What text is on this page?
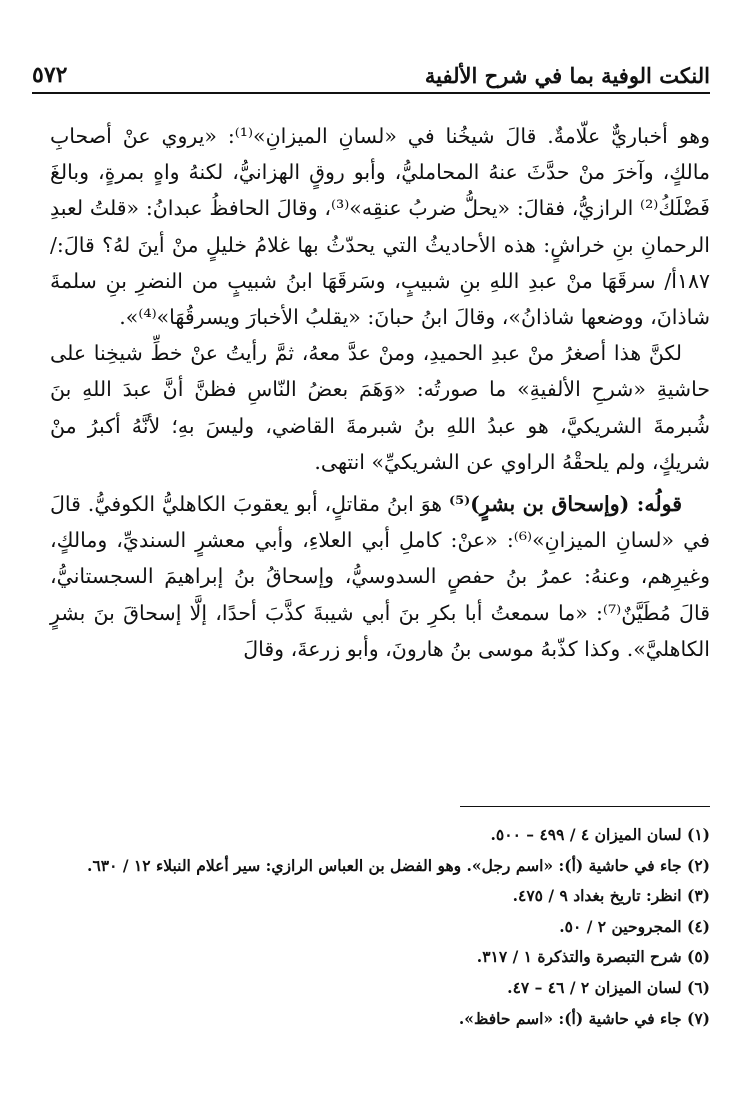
النكت الوفية بما في شرح الألفية
٥٧٢

وهو أخباريٌّ علّامةٌ. قالَ شيخُنا في «لسانِ الميزانِ»⁽¹⁾: «يروي عنْ أصحابِ مالكٍ، وآخرَ منْ حدَّثَ عنهُ المحامليُّ، وأبو روقٍ الهزانيُّ، لكنهُ واهٍ بمرةٍ، وبالغَ فَضْلَكُ⁽²⁾ الرازيُّ، فقالَ: «يحلُّ ضربُ عنقِه»⁽³⁾، وقالَ الحافظُ عبدانُ: «قلتُ لعبدِ الرحمانِ بنِ خراشٍ: هذه الأحاديثُ التي يحدّثُ بها غلامُ خليلٍ منْ أينَ لهُ؟ قالَ:/١٨٧أ/ سرقَهَا منْ عبدِ اللهِ بنِ شبيبٍ، وسَرقَهَا ابنُ شبيبٍ من النضرِ بنِ سلمةَ شاذانَ، ووضعها شاذانُ»، وقالَ ابنُ حبانَ: «يقلبُ الأخبارَ ويسرقُهَا»⁽⁴⁾».

لكنَّ هذا أصغرُ منْ عبدِ الحميدِ، ومنْ عدَّ معهُ، ثمَّ رأيتُ عنْ خطِّ شيخِنا على حاشيةِ «شرحِ الألفيةِ» ما صورتُه: «وَهَمَ بعضُ النّاسِ فظنَّ أنَّ عبدَ اللهِ بنَ شُبرمةَ الشريكيَّ، هو عبدُ اللهِ بنُ شبرمةَ القاضي، وليسَ بهِ؛ لأنَّهُ أكبرُ منْ شريكٍ، ولم يلحقْهُ الراوي عن الشريكيِّ» انتهى.

قولُه: (وإسحاق بن بشرٍ)⁽⁵⁾ هوَ ابنُ مقاتلٍ، أبو يعقوبَ الكاهليُّ الكوفيُّ. قالَ في «لسانِ الميزانِ»⁽⁶⁾: «عنْ: كاملِ أبي العلاءِ، وأبي معشرٍ السنديِّ، ومالكٍ، وغيرِهم، وعنهُ: عمرُ بنُ حفصٍ السدوسيُّ، وإسحاقُ بنُ إبراهيمَ السجستانيُّ، قالَ مُطَيَّنٌ⁽⁷⁾: «ما سمعتُ أبا بكرِ بنَ أبي شيبةَ كذَّبَ أحدًا، إلَّا إسحاقَ بنَ بشرٍ الكاهليَّ». وكذا كذّبهُ موسى بنُ هارونَ، وأبو زرعةَ، وقالَ

(١) لسان الميزان ٤ / ٤٩٩ – ٥٠٠.
(٢) جاء في حاشية (أ): «اسم رجل». وهو الفضل بن العباس الرازي: سير أعلام النبلاء ١٢ / ٦٣٠.
(٣) انظر: تاريخ بغداد ٩ / ٤٧٥.
(٤) المجروحين ٢ / ٥٠.
(٥) شرح التبصرة والتذكرة ١ / ٣١٧.
(٦) لسان الميزان ٢ / ٤٦ – ٤٧.
(٧) جاء في حاشية (أ): «اسم حافظ».
